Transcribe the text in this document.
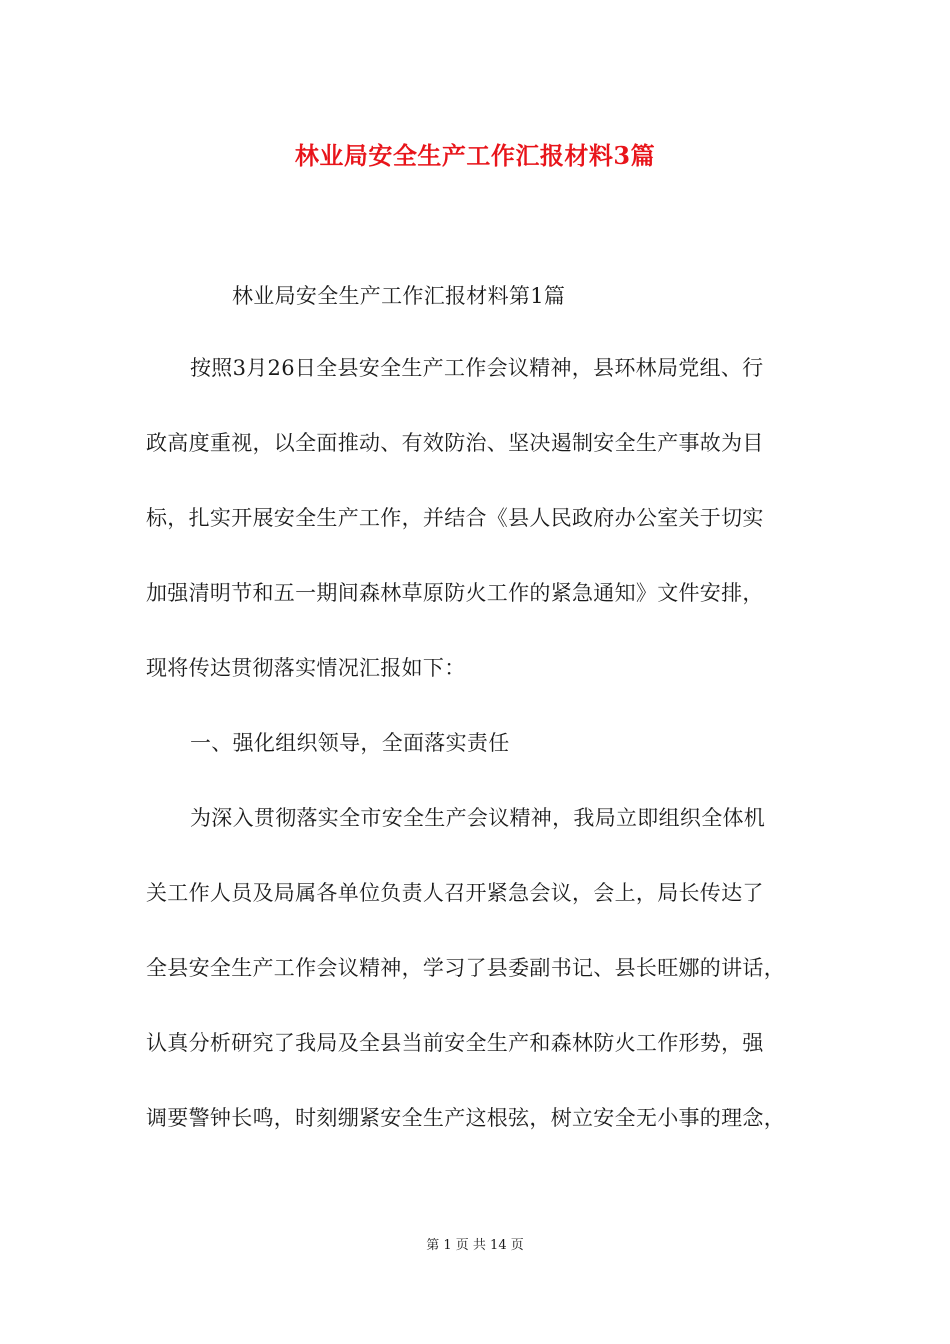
林业局安全生产工作汇报材料3篇
林业局安全生产工作汇报材料第1篇
按照3月26日全县安全生产工作会议精神，县环林局党组、行
政高度重视，以全面推动、有效防治、坚决遏制安全生产事故为目
标，扎实开展安全生产工作，并结合《县人民政府办公室关于切实
加强清明节和五一期间森林草原防火工作的紧急通知》文件安排，
现将传达贯彻落实情况汇报如下：
一、强化组织领导，全面落实责任
为深入贯彻落实全市安全生产会议精神，我局立即组织全体机
关工作人员及局属各单位负责人召开紧急会议，会上，局长传达了
全县安全生产工作会议精神，学习了县委副书记、县长旺娜的讲话，
认真分析研究了我局及全县当前安全生产和森林防火工作形势，强
调要警钟长鸣，时刻绷紧安全生产这根弦，树立安全无小事的理念，
第 1 页 共 14 页
